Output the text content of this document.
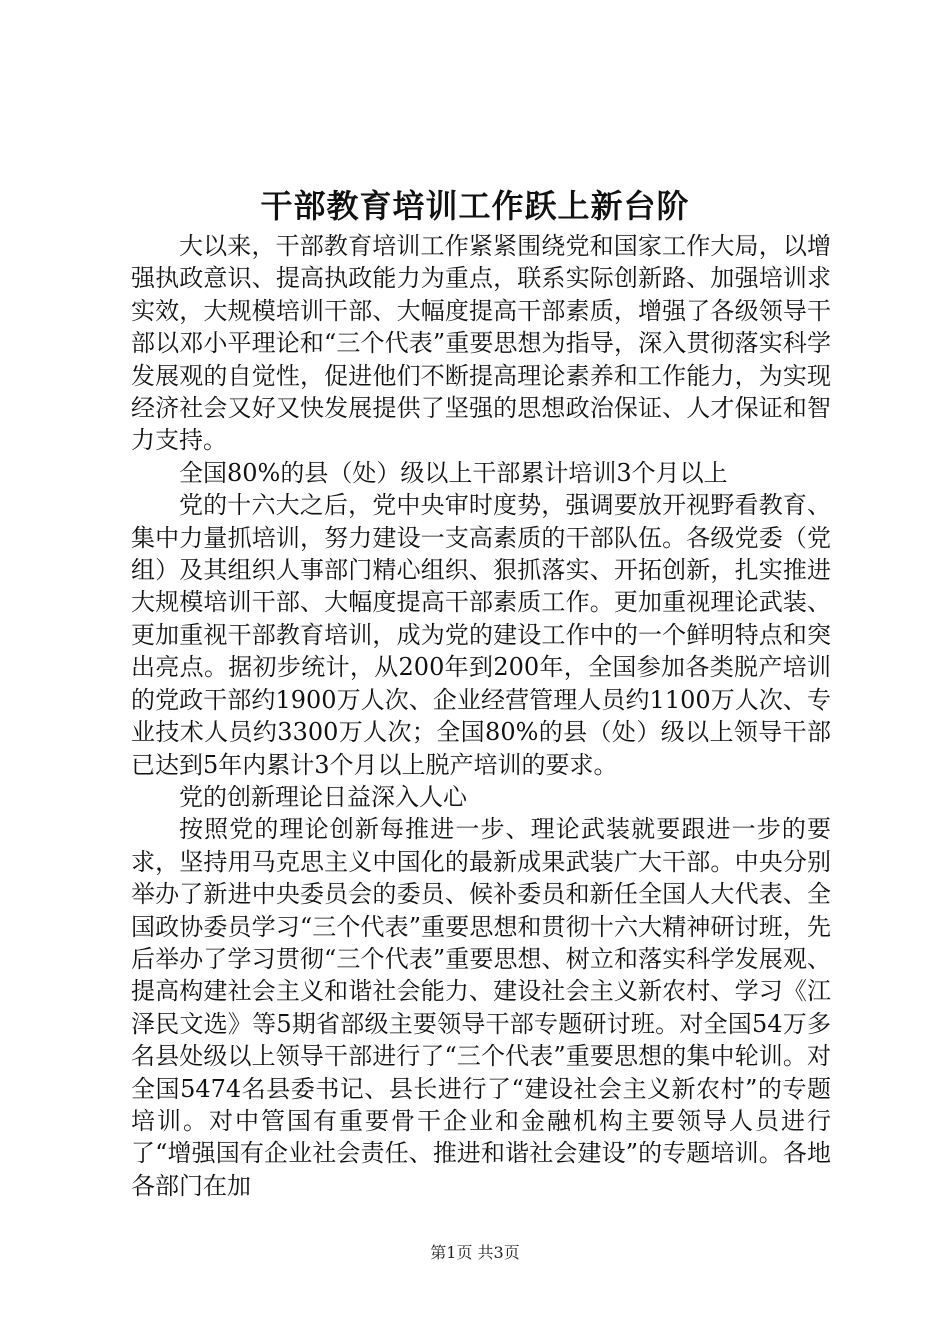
干部教育培训工作跃上新台阶

大以来，干部教育培训工作紧紧围绕党和国家工作大局，以增强执政意识、提高执政能力为重点，联系实际创新路、加强培训求实效，大规模培训干部、大幅度提高干部素质，增强了各级领导干部以邓小平理论和“三个代表”重要思想为指导，深入贯彻落实科学发展观的自觉性，促进他们不断提高理论素养和工作能力，为实现经济社会又好又快发展提供了坚强的思想政治保证、人才保证和智力支持。

全国80%的县（处）级以上干部累计培训3个月以上

党的十六大之后，党中央审时度势，强调要放开视野看教育、集中力量抓培训，努力建设一支高素质的干部队伍。各级党委（党组）及其组织人事部门精心组织、狠抓落实、开拓创新，扎实推进大规模培训干部、大幅度提高干部素质工作。更加重视理论武装、更加重视干部教育培训，成为党的建设工作中的一个鲜明特点和突出亮点。据初步统计，从200年到200年，全国参加各类脱产培训的党政干部约1900万人次、企业经营管理人员约1100万人次、专业技术人员约3300万人次；全国80%的县（处）级以上领导干部已达到5年内累计3个月以上脱产培训的要求。

党的创新理论日益深入人心

按照党的理论创新每推进一步、理论武装就要跟进一步的要求，坚持用马克思主义中国化的最新成果武装广大干部。中央分别举办了新进中央委员会的委员、候补委员和新任全国人大代表、全国政协委员学习“三个代表”重要思想和贯彻十六大精神研讨班，先后举办了学习贯彻“三个代表”重要思想、树立和落实科学发展观、提高构建社会主义和谐社会能力、建设社会主义新农村、学习《江泽民文选》等5期省部级主要领导干部专题研讨班。对全国54万多名县处级以上领导干部进行了“三个代表”重要思想的集中轮训。对全国5474名县委书记、县长进行了“建设社会主义新农村”的专题培训。对中管国有重要骨干企业和金融机构主要领导人员进行了“增强国有企业社会责任、推进和谐社会建设”的专题培训。各地各部门在加

第1页 共3页
